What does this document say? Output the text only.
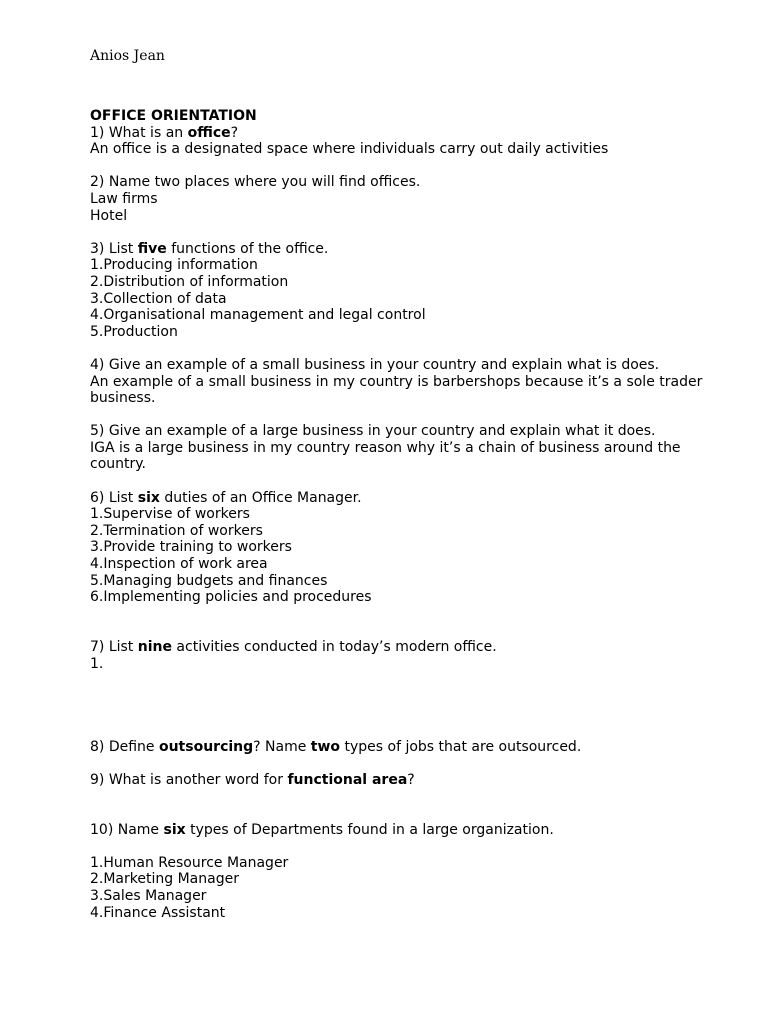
Anios Jean
OFFICE ORIENTATION
1) What is an office?
An office is a designated space where individuals carry out daily activities
2) Name two places where you will find offices.
Law firms
Hotel
3) List five functions of the office.
1.Producing information
2.Distribution of information
3.Collection of data
4.Organisational management and legal control
5.Production
4) Give an example of a small business in your country and explain what is does.
An example of a small business in my country is barbershops because it’s a sole trader business.
5) Give an example of a large business in your country and explain what it does.
IGA is a large business in my country reason why it’s a chain of business around the country.
6) List six duties of an Office Manager.
1.Supervise of workers
2.Termination of workers
3.Provide training to workers
4.Inspection of work area
5.Managing budgets and finances
6.Implementing policies and procedures
7) List nine activities conducted in today’s modern office.
1.
8) Define outsourcing? Name two types of jobs that are outsourced.
9) What is another word for functional area?
10) Name six types of Departments found in a large organization.
1.Human Resource Manager
2.Marketing Manager
3.Sales Manager
4.Finance Assistant
